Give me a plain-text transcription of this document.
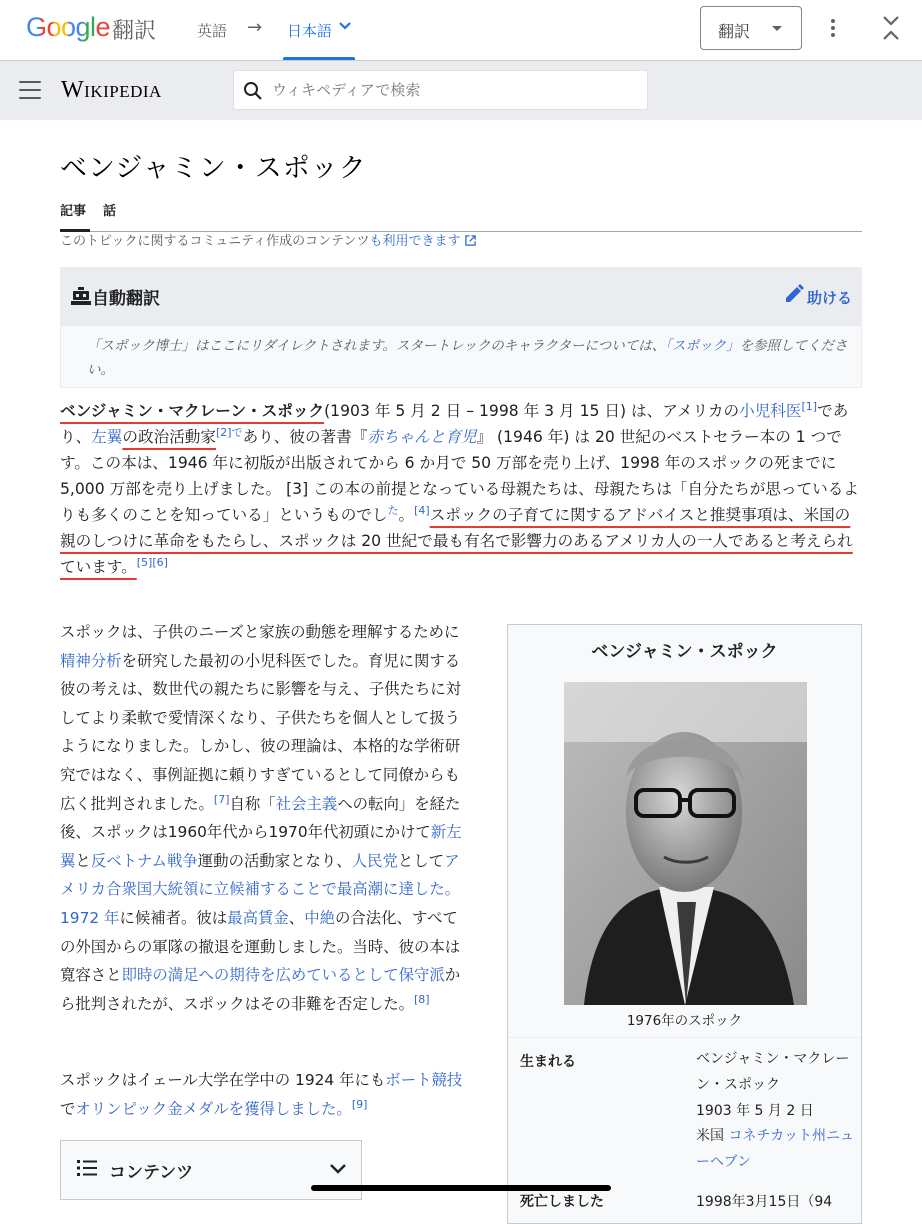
Google 翻訳	英語 → 日本語	翻訳
Wikipedia
ウィキペディアで検索
ベンジャミン・スポック
記事 話
このトピックに関するコミュニティ作成のコンテンツも利用できます
自動翻訳	助ける
「スポック博士」はここにリダイレクトされます。スタートレックのキャラクターについては、「スポック」を参照してください。
ベンジャミン・マクレーン・スポック(1903 年 5 月 2 日 – 1998 年 3 月 15 日) は、アメリカの小児科医[1]であり、左翼の政治活動家$^{[2]で}$あり、彼の著書『赤ちゃんと育児』 (1946 年) は 20 世紀のベストセラー本の 1 つです。この本は、1946 年に初版が出版されてから 6 か月で 50 万部を売り上げ、1998 年のスポックの死までに 5,000 万部を売り上げました。 [3] この本の前提となっている母親たちは、母親たちは「自分たちが思っているよりも多くのことを知っている」というものでし$^た$。[4]スポックの子育てに関するアドバイスと推奨事項は、米国の親のしつけに革命をもたらし、スポックは 20 世紀で最も有名で影響力のあるアメリカ人の一人であると考えられています。[5][6]
スポックは、子供のニーズと家族の動態を理解するために精神分析を研究した最初の小児科医でした。育児に関する彼の考えは、数世代の親たちに影響を与え、子供たちに対してより柔軟で愛情深くなり、子供たちを個人として扱うようになりました。しかし、彼の理論は、本格的な学術研究ではなく、事例証拠に頼りすぎているとして同僚からも広く批判されました。[7]自称「社会主義への転向」を経た後、スポックは1960年代から1970年代初頭にかけて新左翼と反ベトナム戦争運動の活動家となり、人民党としてアメリカ合衆国大統領に立候補することで最高潮に達した。1972 年に候補者。彼は最高賃金、中絶の合法化、すべての外国からの軍隊の撤退を運動しました。当時、彼の本は寛容さと即時の満足への期待を広めているとして保守派から批判されたが、スポックはその非難を否定した。[8]
スポックはイェール大学在学中の 1924 年にもボート競技でオリンピック金メダルを獲得しました。[9]
ベンジャミン・スポック
1976年のスポック
生まれる	ベンジャミン・マクレーン・スポック
1903 年 5 月 2 日
米国 コネチカット州ニューヘブン
死亡しました	1998年3月15日（94
コンテンツ
